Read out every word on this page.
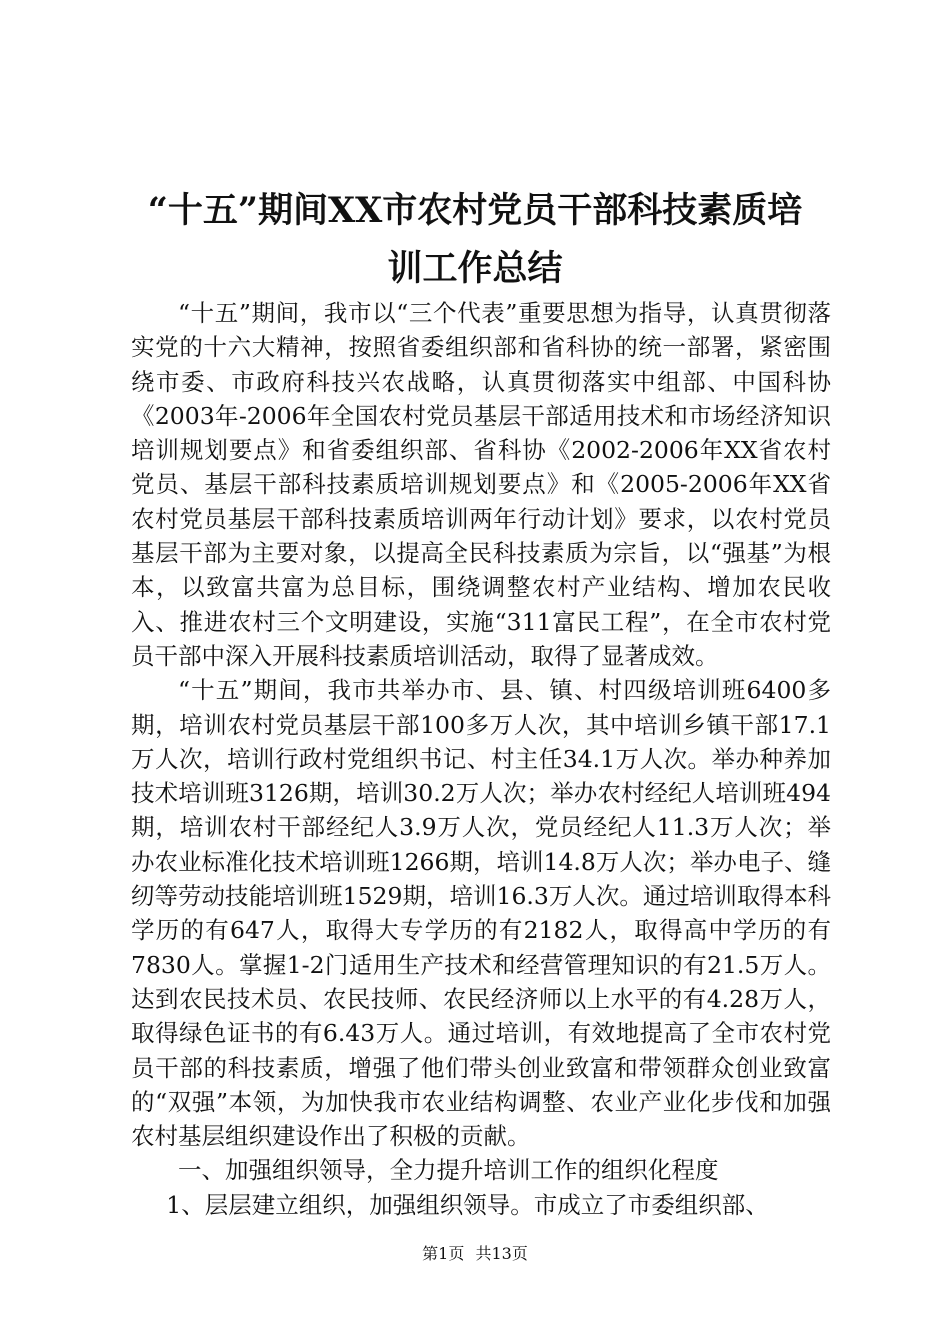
“十五”期间XX市农村党员干部科技素质培
训工作总结

“十五”期间，我市以“三个代表”重要思想为指导，认真贯彻落实党的十六大精神，按照省委组织部和省科协的统一部署，紧密围绕市委、市政府科技兴农战略，认真贯彻落实中组部、中国科协《2003年-2006年全国农村党员基层干部适用技术和市场经济知识培训规划要点》和省委组织部、省科协《2002-2006年XX省农村党员、基层干部科技素质培训规划要点》和《2005-2006年XX省农村党员基层干部科技素质培训两年行动计划》要求，以农村党员基层干部为主要对象，以提高全民科技素质为宗旨，以“强基”为根本，以致富共富为总目标，围绕调整农村产业结构、增加农民收入、推进农村三个文明建设，实施“311富民工程”，在全市农村党员干部中深入开展科技素质培训活动，取得了显著成效。

“十五”期间，我市共举办市、县、镇、村四级培训班6400多期，培训农村党员基层干部100多万人次，其中培训乡镇干部17.1万人次，培训行政村党组织书记、村主任34.1万人次。举办种养加技术培训班3126期，培训30.2万人次；举办农村经纪人培训班494期，培训农村干部经纪人3.9万人次，党员经纪人11.3万人次；举办农业标准化技术培训班1266期，培训14.8万人次；举办电子、缝纫等劳动技能培训班1529期，培训16.3万人次。通过培训取得本科学历的有647人，取得大专学历的有2182人，取得高中学历的有7830人。掌握1-2门适用生产技术和经营管理知识的有21.5万人。达到农民技术员、农民技师、农民经济师以上水平的有4.28万人，取得绿色证书的有6.43万人。通过培训，有效地提高了全市农村党员干部的科技素质，增强了他们带头创业致富和带领群众创业致富的“双强”本领，为加快我市农业结构调整、农业产业化步伐和加强农村基层组织建设作出了积极的贡献。

一、加强组织领导，全力提升培训工作的组织化程度

1、层层建立组织，加强组织领导。市成立了市委组织部、

第1页 共13页
